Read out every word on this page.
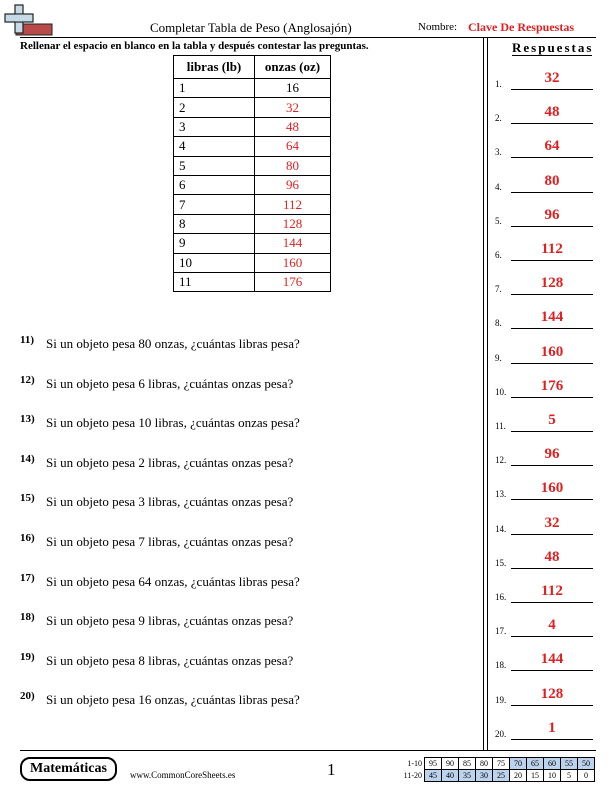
Completar Tabla de Peso (Anglosajón)	Nombre: Clave De Respuestas
Rellenar el espacio en blanco en la tabla y después contestar las preguntas.
libras (lb)	onzas (oz)
1	16
2	32
3	48
4	64
5	80
6	96
7	112
8	128
9	144
10	160
11	176
11) Si un objeto pesa 80 onzas, ¿cuántas libras pesa?
12) Si un objeto pesa 6 libras, ¿cuántas onzas pesa?
13) Si un objeto pesa 10 libras, ¿cuántas onzas pesa?
14) Si un objeto pesa 2 libras, ¿cuántas onzas pesa?
15) Si un objeto pesa 3 libras, ¿cuántas onzas pesa?
16) Si un objeto pesa 7 libras, ¿cuántas onzas pesa?
17) Si un objeto pesa 64 onzas, ¿cuántas libras pesa?
18) Si un objeto pesa 9 libras, ¿cuántas onzas pesa?
19) Si un objeto pesa 8 libras, ¿cuántas onzas pesa?
20) Si un objeto pesa 16 onzas, ¿cuántas libras pesa?
Respuestas
1.	32
2.	48
3.	64
4.	80
5.	96
6.	112
7.	128
8.	144
9.	160
10.	176
11.	5
12.	96
13.	160
14.	32
15.	48
16.	112
17.	4
18.	144
19.	128
20.	1
Matemáticas	www.CommonCoreSheets.es	1	1-10	95	90	85	80	75	70	65	60	55	50
11-20	45	40	35	30	25	20	15	10	5	0
